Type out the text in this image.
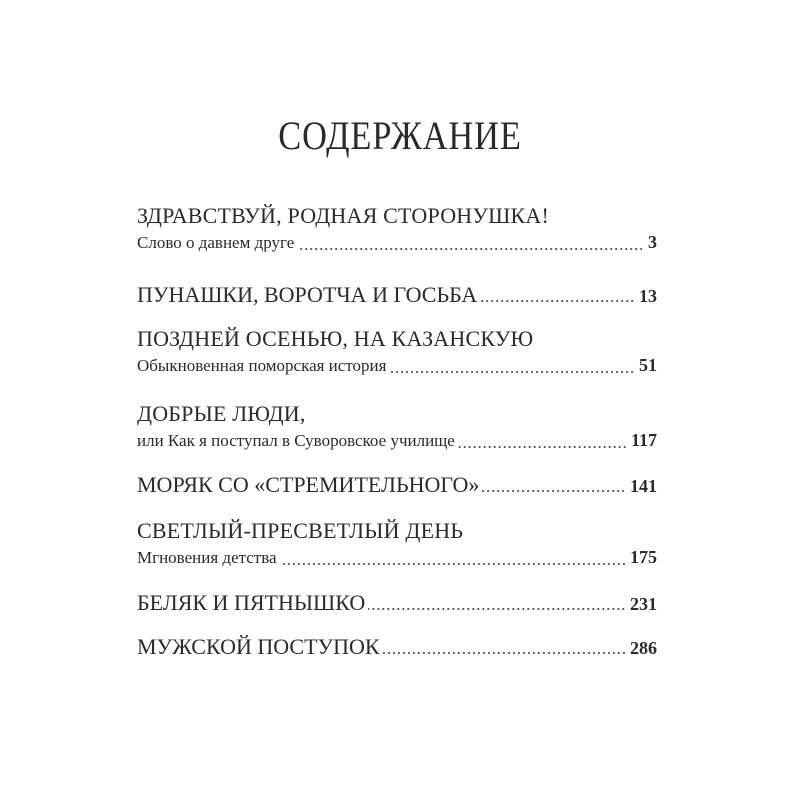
СОДЕРЖАНИЕ
ЗДРАВСТВУЙ, РОДНАЯ СТОРОНУШКА!
Слово о давнем друге	3
ПУНАШКИ, ВОРОТЧА И ГОСЬБА	13
ПОЗДНЕЙ ОСЕНЬЮ, НА КАЗАНСКУЮ
Обыкновенная поморская история	51
ДОБРЫЕ ЛЮДИ,
или Как я поступал в Суворовское училище	117
МОРЯК СО «СТРЕМИТЕЛЬНОГО»	141
СВЕТЛЫЙ-ПРЕСВЕТЛЫЙ ДЕНЬ
Мгновения детства	175
БЕЛЯК И ПЯТНЫШКО	231
МУЖСКОЙ ПОСТУПОК	286
